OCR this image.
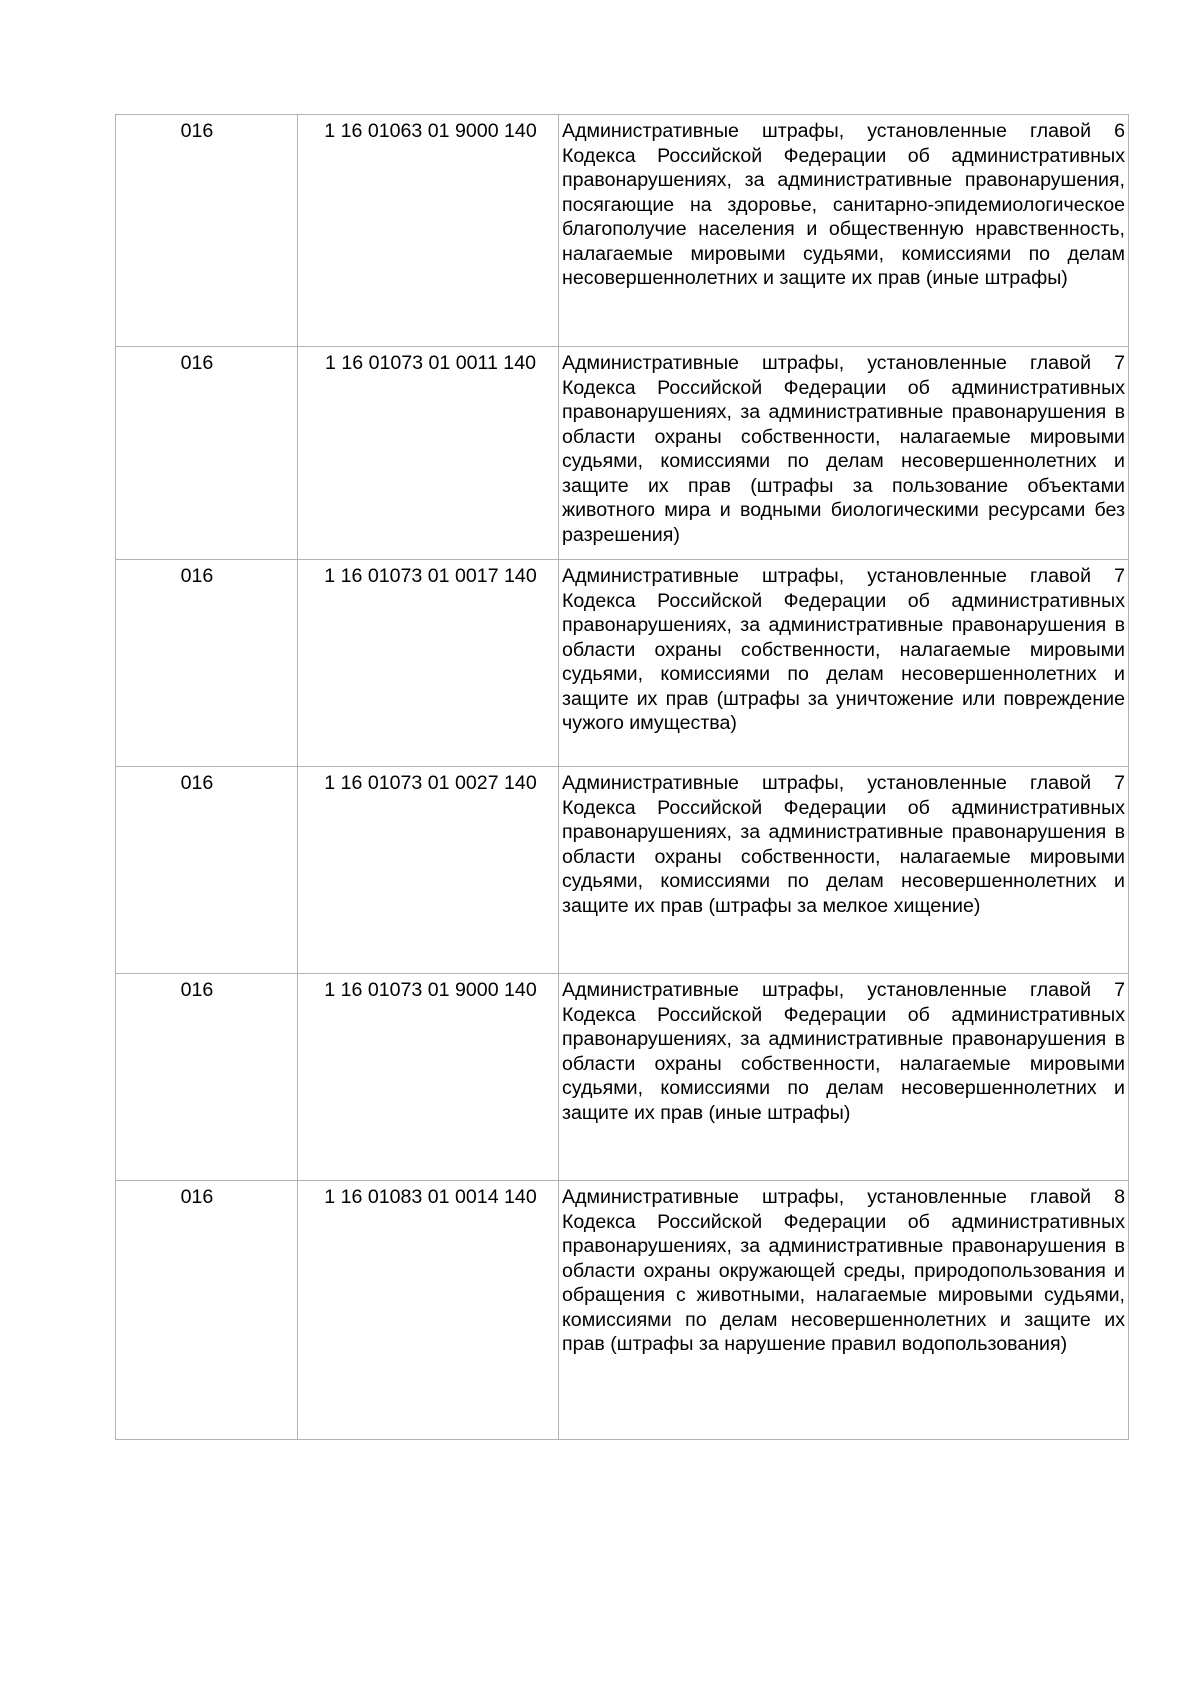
016	1 16 01063 01 9000 140	Административные штрафы, установленные главой 6 Кодекса Российской Федерации об административных правонарушениях, за административные правонарушения, посягающие на здоровье, санитарно-эпидемиологическое благополучие населения и общественную нравственность, налагаемые мировыми судьями, комиссиями по делам несовершеннолетних и защите их прав (иные штрафы)
016	1 16 01073 01 0011 140	Административные штрафы, установленные главой 7 Кодекса Российской Федерации об административных правонарушениях, за административные правонарушения в области охраны собственности, налагаемые мировыми судьями, комиссиями по делам несовершеннолетних и защите их прав (штрафы за пользование объектами животного мира и водными биологическими ресурсами без разрешения)
016	1 16 01073 01 0017 140	Административные штрафы, установленные главой 7 Кодекса Российской Федерации об административных правонарушениях, за административные правонарушения в области охраны собственности, налагаемые мировыми судьями, комиссиями по делам несовершеннолетних и защите их прав (штрафы за уничтожение или повреждение чужого имущества)
016	1 16 01073 01 0027 140	Административные штрафы, установленные главой 7 Кодекса Российской Федерации об административных правонарушениях, за административные правонарушения в области охраны собственности, налагаемые мировыми судьями, комиссиями по делам несовершеннолетних и защите их прав (штрафы за мелкое хищение)
016	1 16 01073 01 9000 140	Административные штрафы, установленные главой 7 Кодекса Российской Федерации об административных правонарушениях, за административные правонарушения в области охраны собственности, налагаемые мировыми судьями, комиссиями по делам несовершеннолетних и защите их прав (иные штрафы)
016	1 16 01083 01 0014 140	Административные штрафы, установленные главой 8 Кодекса Российской Федерации об административных правонарушениях, за административные правонарушения в области охраны окружающей среды, природопользования и обращения с животными, налагаемые мировыми судьями, комиссиями по делам несовершеннолетних и защите их прав (штрафы за нарушение правил водопользования)
